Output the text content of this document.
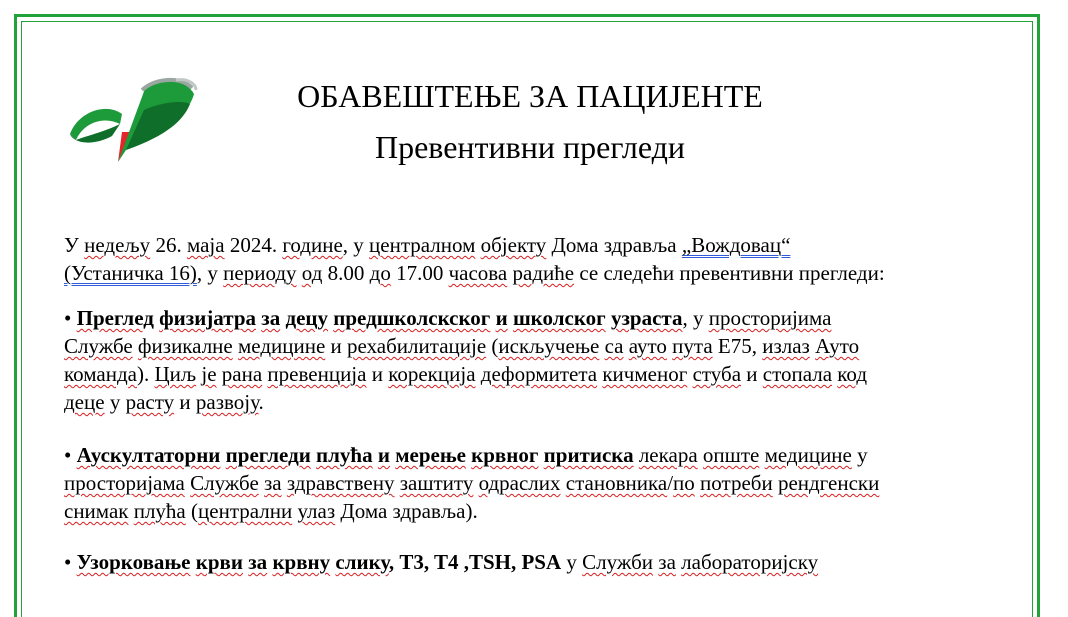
ОБАВЕШТЕЊЕ ЗА ПАЦИЈЕНТЕ
Превентивни прегледи

У недељу 26. маја 2024. године, у централном објекту Дома здравља „Вождовац“
(Устаничка 16), у периоду од 8.00 до 17.00 часова радиће се следећи превентивни прегледи:

• Преглед физијатра за децу предшколскског и школског узраста, у просторијима
Службе физикалне медицине и рехабилитације (искључење са ауто пута Е75, излаз Ауто
команда). Циљ је рана превенција и корекција деформитета кичменог стуба и стопала код
деце у расту и развоју.

• Аускултаторни прегледи плућа и мерење крвног притиска лекара опште медицине у
просторијама Службе за здравствену заштиту одраслих становника/по потреби рендгенски
снимак плућа (централни улаз Дома здравља).

• Узорковање крви за крвну слику, T3, T4 ,TSH, PSA у Служби за лабораторијску
